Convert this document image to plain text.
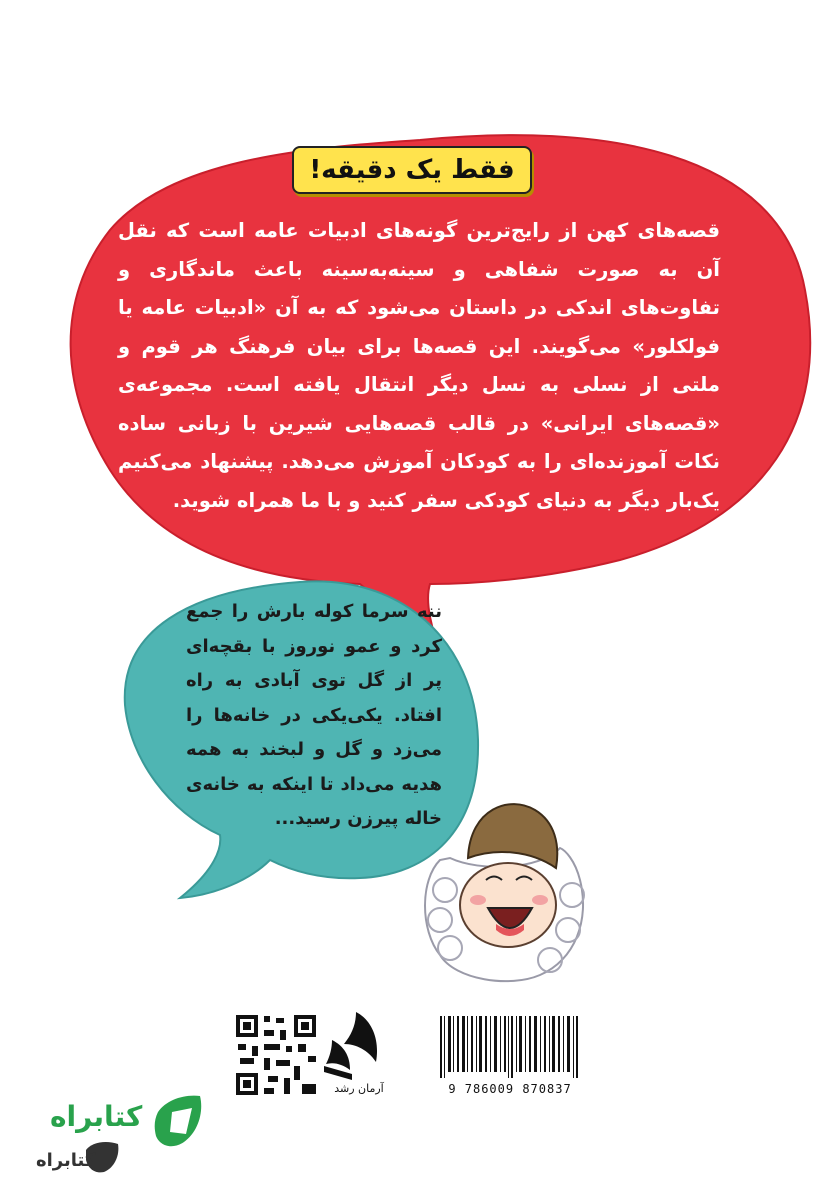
فقط یک دقیقه!

قصه‌های کهن از رایج‌ترین گونه‌های ادبیات عامه است که نقل آن به صورت شفاهی و سینه‌به‌سینه باعث ماندگاری و تفاوت‌های اندکی در داستان می‌شود که به آن «ادبیات عامه یا فولکلور» می‌گویند. این قصه‌ها برای بیان فرهنگ هر قوم و ملتی از نسلی به نسل دیگر انتقال یافته است. مجموعه‌ی «قصه‌های ایرانی» در قالب قصه‌هایی شیرین با زبانی ساده نکات آموزنده‌ای را به کودکان آموزش می‌دهد. پیشنهاد می‌کنیم یک‌بار دیگر به دنیای کودکی سفر کنید و با ما همراه شوید.

ننه سرما کوله بارش را جمع کرد و عمو نوروز با بقچه‌ای پر از گل توی آبادی به راه افتاد. یکی‌یکی در خانه‌ها را می‌زد و گل و لبخند به همه هدیه می‌داد تا اینکه به خانه‌ی خاله پیرزن رسید...
9 786009 870837
آرمان رشد
کتابراه
کتابراه
